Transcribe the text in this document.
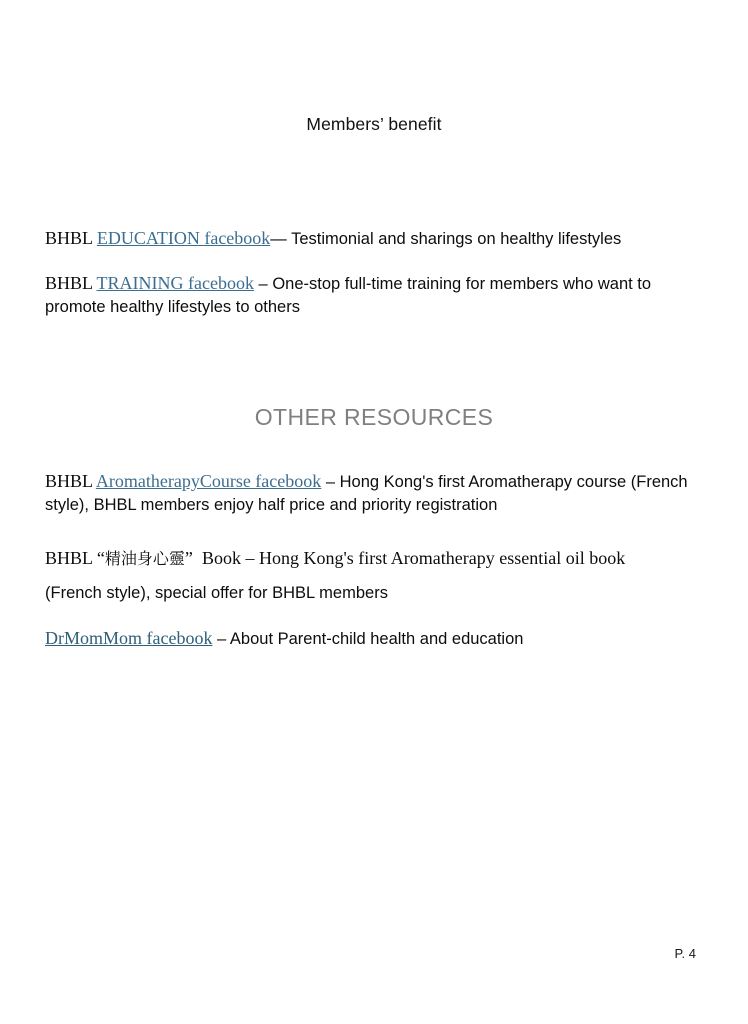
Members’ benefit
BHBL EDUCATION facebook— Testimonial and sharings on healthy lifestyles
BHBL TRAINING facebook – One-stop full-time training for members who want to promote healthy lifestyles to others
OTHER RESOURCES
BHBL AromatherapyCourse facebook – Hong Kong's first Aromatherapy course (French style), BHBL members enjoy half price and priority registration
BHBL “精油身心靈” Book – Hong Kong's first Aromatherapy essential oil book
(French style), special offer for BHBL members
DrMomMom facebook – About Parent-child health and education
P. 4
